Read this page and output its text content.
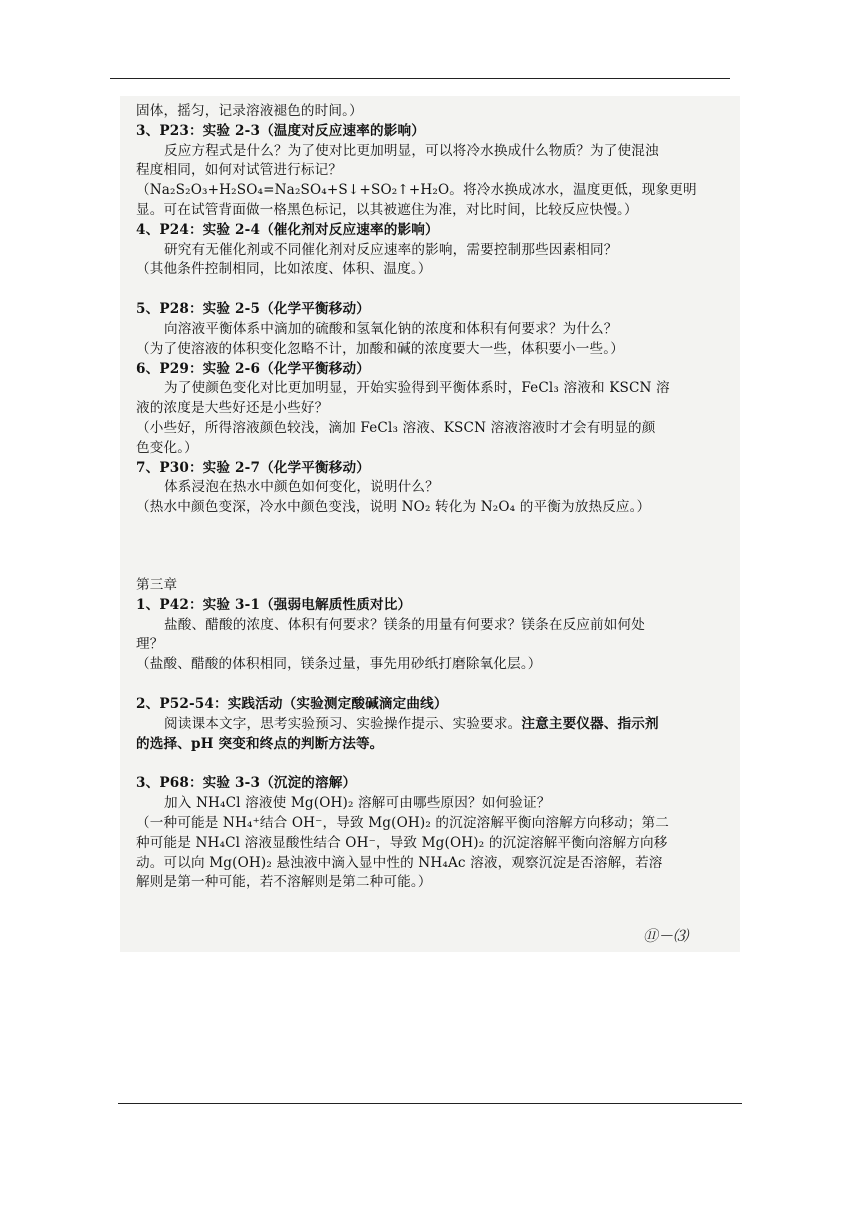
固体，摇匀，记录溶液褪色的时间。）
3、P23：实验 2-3（温度对反应速率的影响）
反应方程式是什么？为了使对比更加明显，可以将冷水换成什么物质？为了使混浊
程度相同，如何对试管进行标记？
（Na₂S₂O₃+H₂SO₄=Na₂SO₄+S↓+SO₂↑+H₂O。将冷水换成冰水，温度更低，现象更明
显。可在试管背面做一格黑色标记，以其被遮住为准，对比时间，比较反应快慢。）
4、P24：实验 2-4（催化剂对反应速率的影响）
研究有无催化剂或不同催化剂对反应速率的影响，需要控制那些因素相同？
（其他条件控制相同，比如浓度、体积、温度。）
5、P28：实验 2-5（化学平衡移动）
向溶液平衡体系中滴加的硫酸和氢氧化钠的浓度和体积有何要求？为什么？
（为了使溶液的体积变化忽略不计，加酸和碱的浓度要大一些，体积要小一些。）
6、P29：实验 2-6（化学平衡移动）
为了使颜色变化对比更加明显，开始实验得到平衡体系时，FeCl₃ 溶液和 KSCN 溶
液的浓度是大些好还是小些好？
（小些好，所得溶液颜色较浅，滴加 FeCl₃ 溶液、KSCN 溶液溶液时才会有明显的颜
色变化。）
7、P30：实验 2-7（化学平衡移动）
体系浸泡在热水中颜色如何变化，说明什么？
（热水中颜色变深，冷水中颜色变浅，说明 NO₂ 转化为 N₂O₄ 的平衡为放热反应。）
第三章
1、P42：实验 3-1（强弱电解质性质对比）
盐酸、醋酸的浓度、体积有何要求？镁条的用量有何要求？镁条在反应前如何处
理？
（盐酸、醋酸的体积相同，镁条过量，事先用砂纸打磨除氧化层。）
2、P52-54：实践活动（实验测定酸碱滴定曲线）
阅读课本文字，思考实验预习、实验操作提示、实验要求。注意主要仪器、指示剂
的选择、pH 突变和终点的判断方法等。
3、P68：实验 3-3（沉淀的溶解）
加入 NH₄Cl 溶液使 Mg(OH)₂ 溶解可由哪些原因？如何验证？
（一种可能是 NH₄⁺结合 OH⁻，导致 Mg(OH)₂ 的沉淀溶解平衡向溶解方向移动；第二
种可能是 NH₄Cl 溶液显酸性结合 OH⁻，导致 Mg(OH)₂ 的沉淀溶解平衡向溶解方向移
动。可以向 Mg(OH)₂ 悬浊液中滴入显中性的 NH₄Ac 溶液，观察沉淀是否溶解，若溶
解则是第一种可能，若不溶解则是第二种可能。）
⑪－⑶
